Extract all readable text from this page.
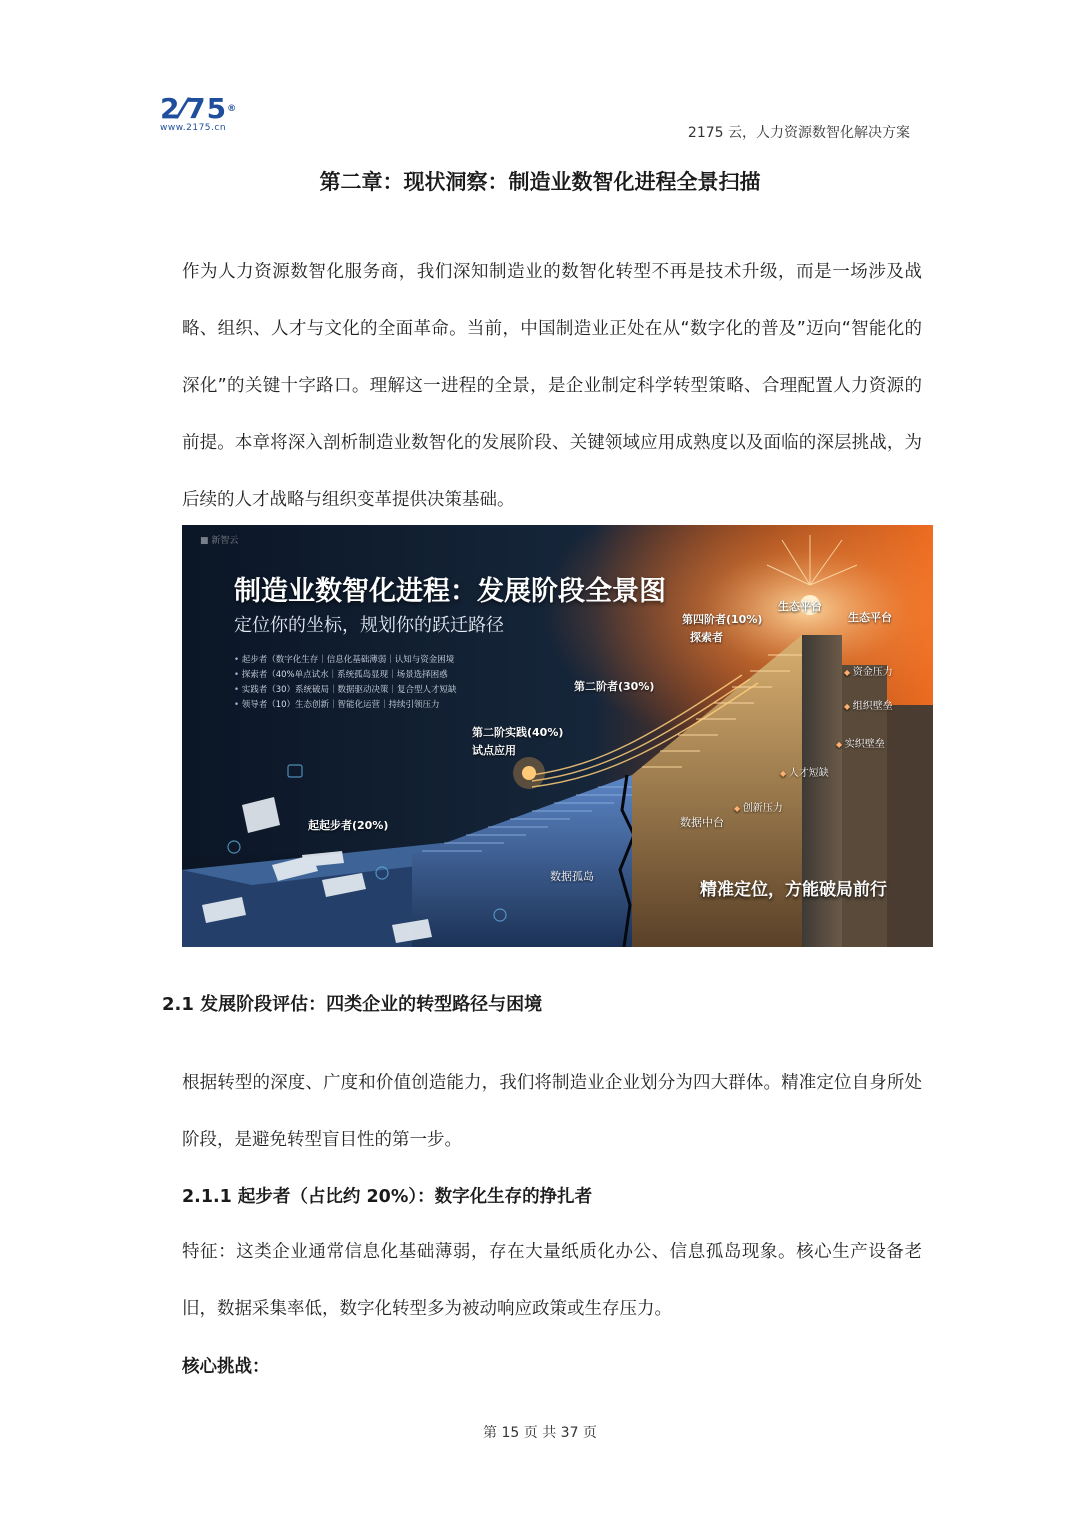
2⁄75®
www.2175.cn	2175 云，人力资源数智化解决方案
第二章：现状洞察：制造业数智化进程全景扫描
作为人力资源数智化服务商，我们深知制造业的数智化转型不再是技术升级，而是一场涉及战略、组织、人才与文化的全面革命。当前，中国制造业正处在从“数字化的普及”迈向“智能化的深化”的关键十字路口。理解这一进程的全景，是企业制定科学转型策略、合理配置人力资源的前提。本章将深入剖析制造业数智化的发展阶段、关键领域应用成熟度以及面临的深层挑战，为后续的人才战略与组织变革提供决策基础。
■ 新智云
制造业数智化进程：发展阶段全景图
定位你的坐标，规划你的跃迁路径
• 起步者（数字化生存｜信息化基础薄弱｜认知与资金困境
• 探索者（40%单点试水｜系统孤岛显现｜场景选择困惑
• 实践者（30）系统破局｜数据驱动决策｜复合型人才短缺
• 领导者（10）生态创新｜智能化运营｜持续引领压力
起起步者(20%)
第二阶实践(40%)
试点应用
第二阶者(30%)
第四阶者(10%)
探索者
生态平台
生态平台
数据孤岛
数据中台
◆ 资金压力
◆ 组织壁垒
◆ 实织壁垒
◆ 人才短缺
◆ 创新压力
精准定位，方能破局前行
2.1 发展阶段评估：四类企业的转型路径与困境
根据转型的深度、广度和价值创造能力，我们将制造业企业划分为四大群体。精准定位自身所处阶段，是避免转型盲目性的第一步。
2.1.1 起步者（占比约 20%）：数字化生存的挣扎者
特征：这类企业通常信息化基础薄弱，存在大量纸质化办公、信息孤岛现象。核心生产设备老旧，数据采集率低，数字化转型多为被动响应政策或生存压力。
核心挑战：
第 15 页 共 37 页
